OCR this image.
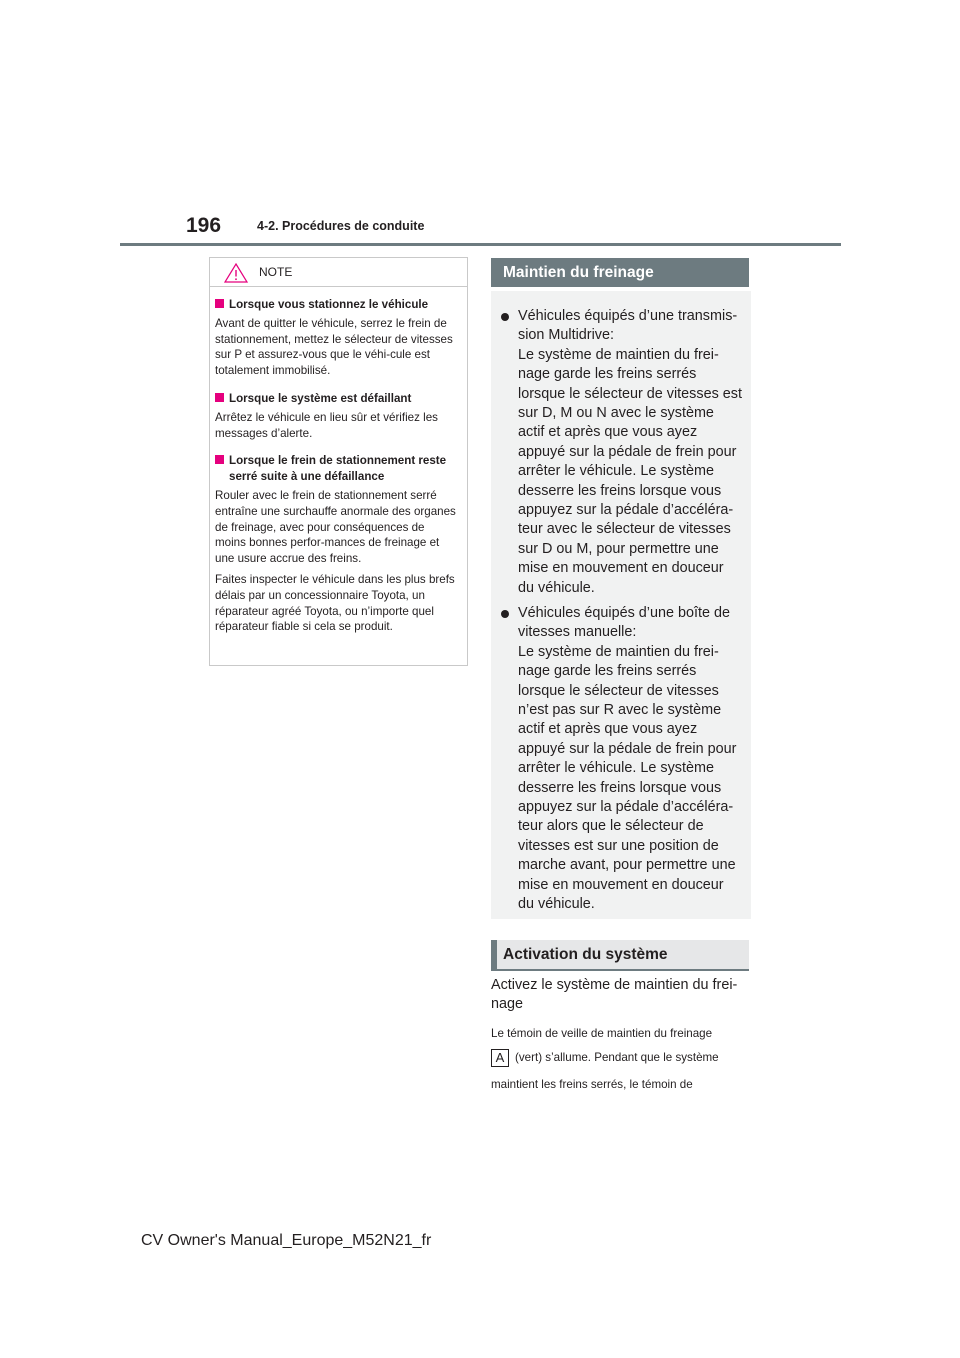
196	4-2. Procédures de conduite
NOTE
Lorsque vous stationnez le véhicule

Avant de quitter le véhicule, serrez le frein de stationnement, mettez le sélecteur de vitesses sur P et assurez-vous que le véhi-cule est totalement immobilisé.

Lorsque le système est défaillant

Arrêtez le véhicule en lieu sûr et vérifiez les messages d’alerte.

Lorsque le frein de stationnement reste serré suite à une défaillance

Rouler avec le frein de stationnement serré entraîne une surchauffe anormale des organes de freinage, avec pour conséquences de moins bonnes perfor-mances de freinage et une usure accrue des freins.

Faites inspecter le véhicule dans les plus brefs délais par un concessionnaire Toyota, un réparateur agréé Toyota, ou n’importe quel réparateur fiable si cela se produit.

Maintien du freinage

Véhicules équipés d’une transmis-sion Multidrive:

Le système de maintien du frei-nage garde les freins serrés lorsque le sélecteur de vitesses est sur D, M ou N avec le système actif et après que vous ayez appuyé sur la pédale de frein pour arrêter le véhicule. Le système desserre les freins lorsque vous appuyez sur la pédale d’accéléra-teur avec le sélecteur de vitesses sur D ou M, pour permettre une mise en mouvement en douceur du véhicule.

Véhicules équipés d’une boîte de vitesses manuelle:

Le système de maintien du frei-nage garde les freins serrés lorsque le sélecteur de vitesses n’est pas sur R avec le système actif et après que vous ayez appuyé sur la pédale de frein pour arrêter le véhicule. Le système desserre les freins lorsque vous appuyez sur la pédale d’accéléra-teur alors que le sélecteur de vitesses est sur une position de marche avant, pour permettre une mise en mouvement en douceur du véhicule.

Activation du système
Activez le système de maintien du frei-nage
Le témoin de veille de maintien du freinage
A (vert) s’allume. Pendant que le système
maintient les freins serrés, le témoin de
CV Owner's Manual_Europe_M52N21_fr
